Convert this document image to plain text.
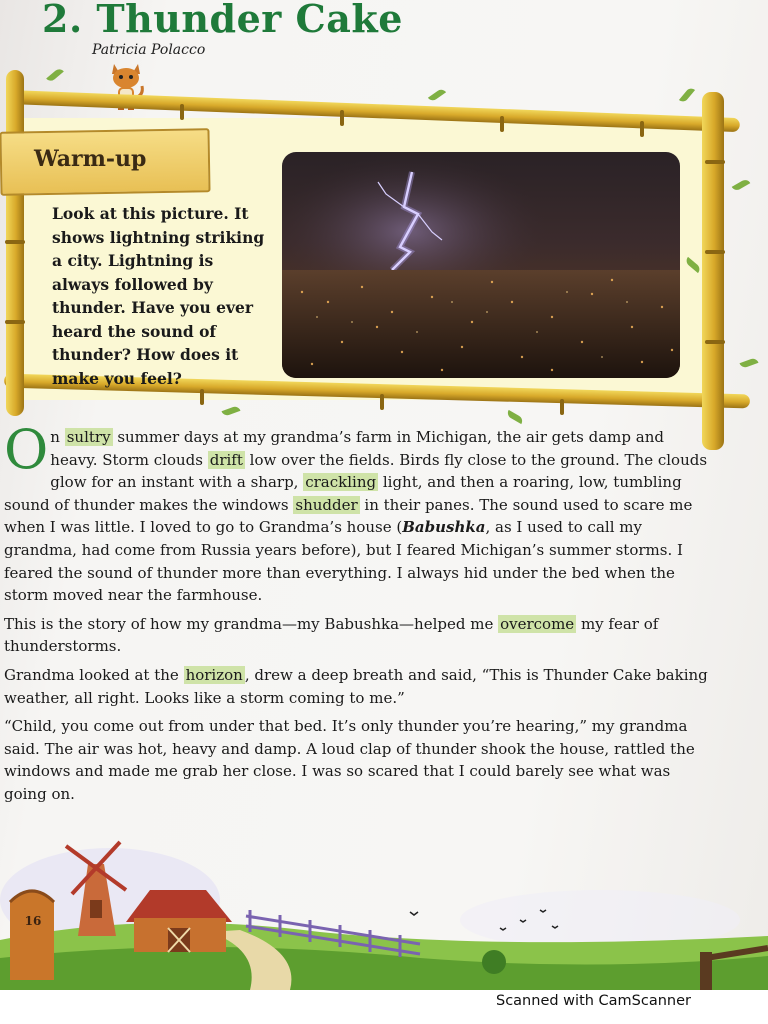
2. Thunder Cake
Patricia Polacco
Warm-up
Look at this picture. It shows lightning striking a city. Lightning is always followed by thunder. Have you ever heard the sound of thunder? How does it make you feel?

On sultry summer days at my grandma’s farm in Michigan, the air gets damp and heavy. Storm clouds drift low over the fields. Birds fly close to the ground. The clouds glow for an instant with a sharp, crackling light, and then a roaring, low, tumbling sound of thunder makes the windows shudder in their panes. The sound used to scare me when I was little. I loved to go to Grandma’s house (Babushka, as I used to call my grandma, had come from Russia years before), but I feared Michigan’s summer storms. I feared the sound of thunder more than everything. I always hid under the bed when the storm moved near the farmhouse.

This is the story of how my grandma—my Babushka—helped me overcome my fear of thunderstorms.

Grandma looked at the horizon , drew a deep breath and said, “This is Thunder Cake baking weather, all right. Looks like a storm coming to me.”

“Child, you come out from under that bed. It’s only thunder you’re hearing,” my grandma said. The air was hot, heavy and damp. A loud clap of thunder shook the house, rattled the windows and made me grab her close. I was so scared that I could barely see what was going on.

16
Scanned with CamScanner
